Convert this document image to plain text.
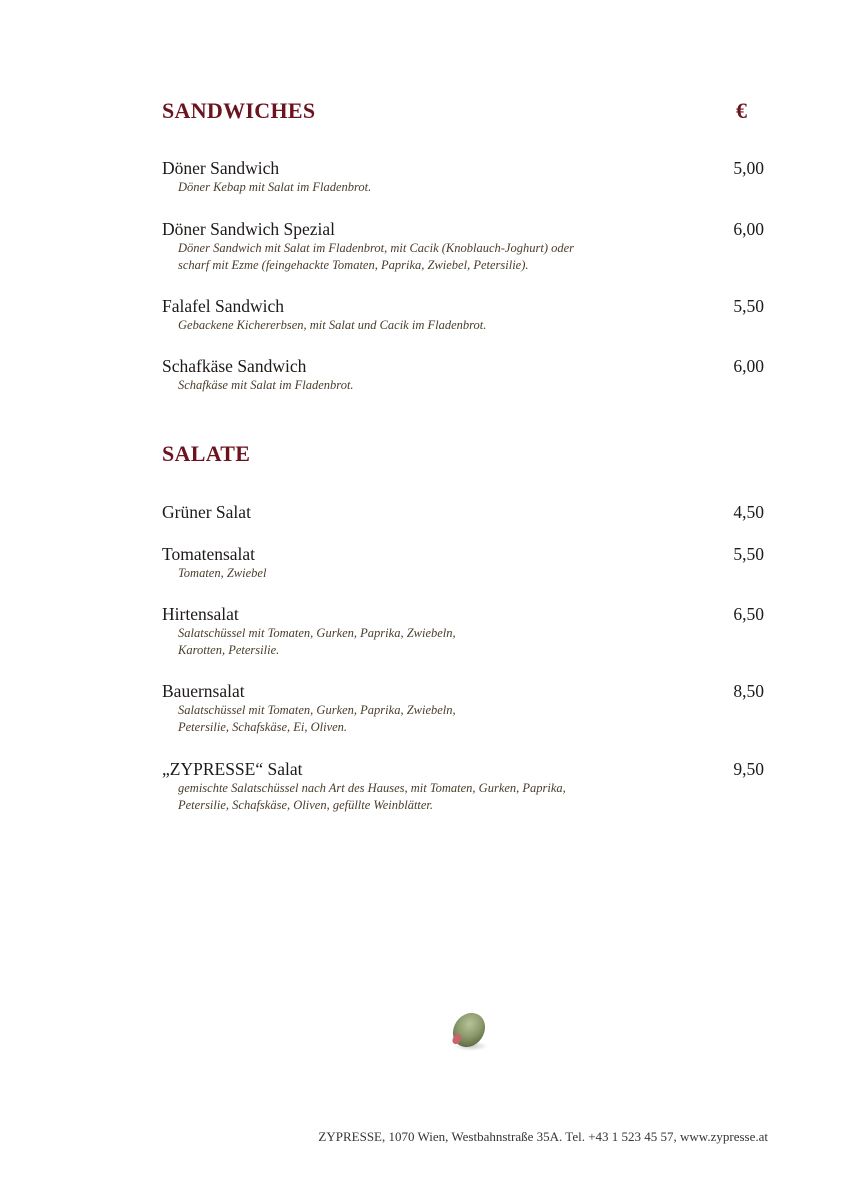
SANDWICHES	€
Döner Sandwich	5,00
Döner Kebap mit Salat im Fladenbrot.
Döner Sandwich Spezial	6,00
Döner Sandwich mit Salat im Fladenbrot, mit Cacik (Knoblauch-Joghurt) oder
scharf mit Ezme (feingehackte Tomaten, Paprika, Zwiebel, Petersilie).
Falafel Sandwich	5,50
Gebackene Kichererbsen, mit Salat und Cacik im Fladenbrot.
Schafkäse Sandwich	6,00
Schafkäse mit Salat im Fladenbrot.
SALATE
Grüner Salat	4,50
Tomatensalat	5,50
Tomaten, Zwiebel
Hirtensalat	6,50
Salatschüssel mit Tomaten, Gurken, Paprika, Zwiebeln,
Karotten, Petersilie.
Bauernsalat	8,50
Salatschüssel mit Tomaten, Gurken, Paprika, Zwiebeln,
Petersilie, Schafskäse, Ei, Oliven.
„ZYPRESSE“ Salat	9,50
gemischte Salatschüssel nach Art des Hauses, mit Tomaten, Gurken, Paprika,
Petersilie, Schafskäse, Oliven, gefüllte Weinblätter.
ZYPRESSE, 1070 Wien, Westbahnstraße 35A. Tel. +43 1 523 45 57, www.zypresse.at
